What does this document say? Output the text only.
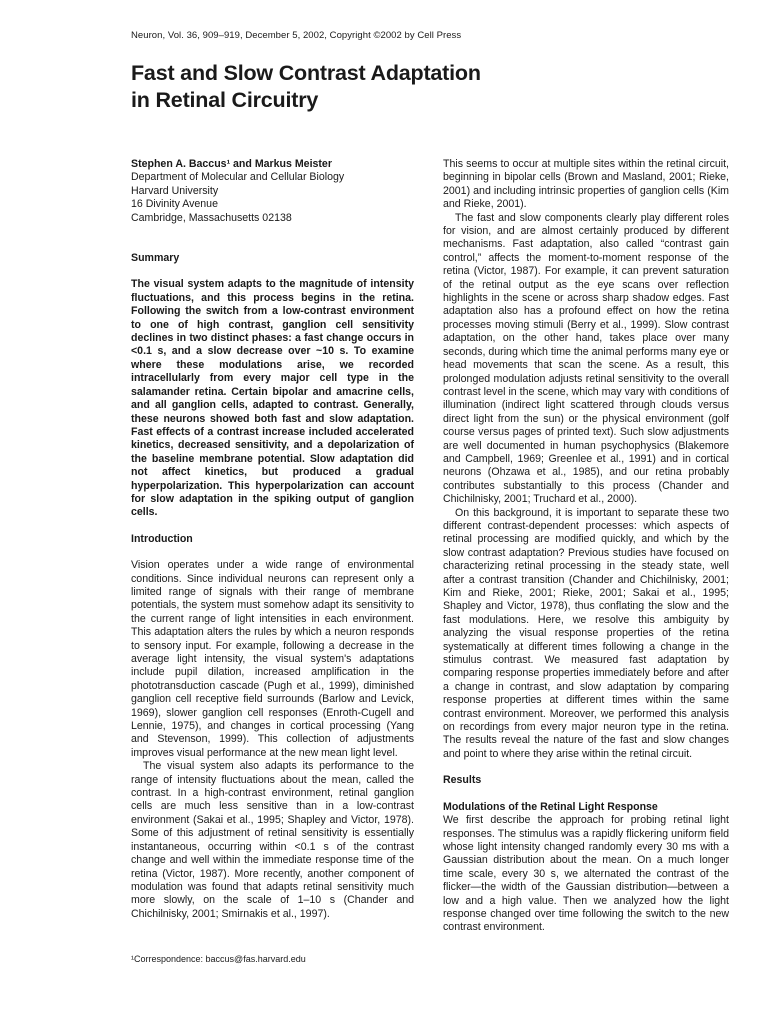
Neuron, Vol. 36, 909–919, December 5, 2002, Copyright ©2002 by Cell Press
Fast and Slow Contrast Adaptation
in Retinal Circuitry
Stephen A. Baccus¹ and Markus Meister
Department of Molecular and Cellular Biology
Harvard University
16 Divinity Avenue
Cambridge, Massachusetts 02138
Summary

The visual system adapts to the magnitude of intensity fluctuations, and this process begins in the retina. Following the switch from a low-contrast environment to one of high contrast, ganglion cell sensitivity declines in two distinct phases: a fast change occurs in <0.1 s, and a slow decrease over ~10 s. To examine where these modulations arise, we recorded intracellularly from every major cell type in the salamander retina. Certain bipolar and amacrine cells, and all ganglion cells, adapted to contrast. Generally, these neurons showed both fast and slow adaptation. Fast effects of a contrast increase included accelerated kinetics, decreased sensitivity, and a depolarization of the baseline membrane potential. Slow adaptation did not affect kinetics, but produced a gradual hyperpolarization. This hyperpolarization can account for slow adaptation in the spiking output of ganglion cells.

Introduction

Vision operates under a wide range of environmental conditions. Since individual neurons can represent only a limited range of signals with their range of membrane potentials, the system must somehow adapt its sensitivity to the current range of light intensities in each environment. This adaptation alters the rules by which a neuron responds to sensory input. For example, following a decrease in the average light intensity, the visual system's adaptations include pupil dilation, increased amplification in the phototransduction cascade (Pugh et al., 1999), diminished ganglion cell receptive field surrounds (Barlow and Levick, 1969), slower ganglion cell responses (Enroth-Cugell and Lennie, 1975), and changes in cortical processing (Yang and Stevenson, 1999). This collection of adjustments improves visual performance at the new mean light level.

The visual system also adapts its performance to the range of intensity fluctuations about the mean, called the contrast. In a high-contrast environment, retinal ganglion cells are much less sensitive than in a low-contrast environment (Sakai et al., 1995; Shapley and Victor, 1978). Some of this adjustment of retinal sensitivity is essentially instantaneous, occurring within <0.1 s of the contrast change and well within the immediate response time of the retina (Victor, 1987). More recently, another component of modulation was found that adapts retinal sensitivity much more slowly, on the scale of 1–10 s (Chander and Chichilnisky, 2001; Smirnakis et al., 1997).

This seems to occur at multiple sites within the retinal circuit, beginning in bipolar cells (Brown and Masland, 2001; Rieke, 2001) and including intrinsic properties of ganglion cells (Kim and Rieke, 2001).

The fast and slow components clearly play different roles for vision, and are almost certainly produced by different mechanisms. Fast adaptation, also called “contrast gain control,” affects the moment-to-moment response of the retina (Victor, 1987). For example, it can prevent saturation of the retinal output as the eye scans over reflection highlights in the scene or across sharp shadow edges. Fast adaptation also has a profound effect on how the retina processes moving stimuli (Berry et al., 1999). Slow contrast adaptation, on the other hand, takes place over many seconds, during which time the animal performs many eye or head movements that scan the scene. As a result, this prolonged modulation adjusts retinal sensitivity to the overall contrast level in the scene, which may vary with conditions of illumination (indirect light scattered through clouds versus direct light from the sun) or the physical environment (golf course versus pages of printed text). Such slow adjustments are well documented in human psychophysics (Blakemore and Campbell, 1969; Greenlee et al., 1991) and in cortical neurons (Ohzawa et al., 1985), and our retina probably contributes substantially to this process (Chander and Chichilnisky, 2001; Truchard et al., 2000).

On this background, it is important to separate these two different contrast-dependent processes: which aspects of retinal processing are modified quickly, and which by the slow contrast adaptation? Previous studies have focused on characterizing retinal processing in the steady state, well after a contrast transition (Chander and Chichilnisky, 2001; Kim and Rieke, 2001; Rieke, 2001; Sakai et al., 1995; Shapley and Victor, 1978), thus conflating the slow and the fast modulations. Here, we resolve this ambiguity by analyzing the visual response properties of the retina systematically at different times following a change in the stimulus contrast. We measured fast adaptation by comparing response properties immediately before and after a change in contrast, and slow adaptation by comparing response properties at different times within the same contrast environment. Moreover, we performed this analysis on recordings from every major neuron type in the retina. The results reveal the nature of the fast and slow changes and point to where they arise within the retinal circuit.

Results
Modulations of the Retinal Light Response

We first describe the approach for probing retinal light responses. The stimulus was a rapidly flickering uniform field whose light intensity changed randomly every 30 ms with a Gaussian distribution about the mean. On a much longer time scale, every 30 s, we alternated the contrast of the flicker—the width of the Gaussian distribution—between a low and a high value. Then we analyzed how the light response changed over time following the switch to the new contrast environment.

¹Correspondence: baccus@fas.harvard.edu
